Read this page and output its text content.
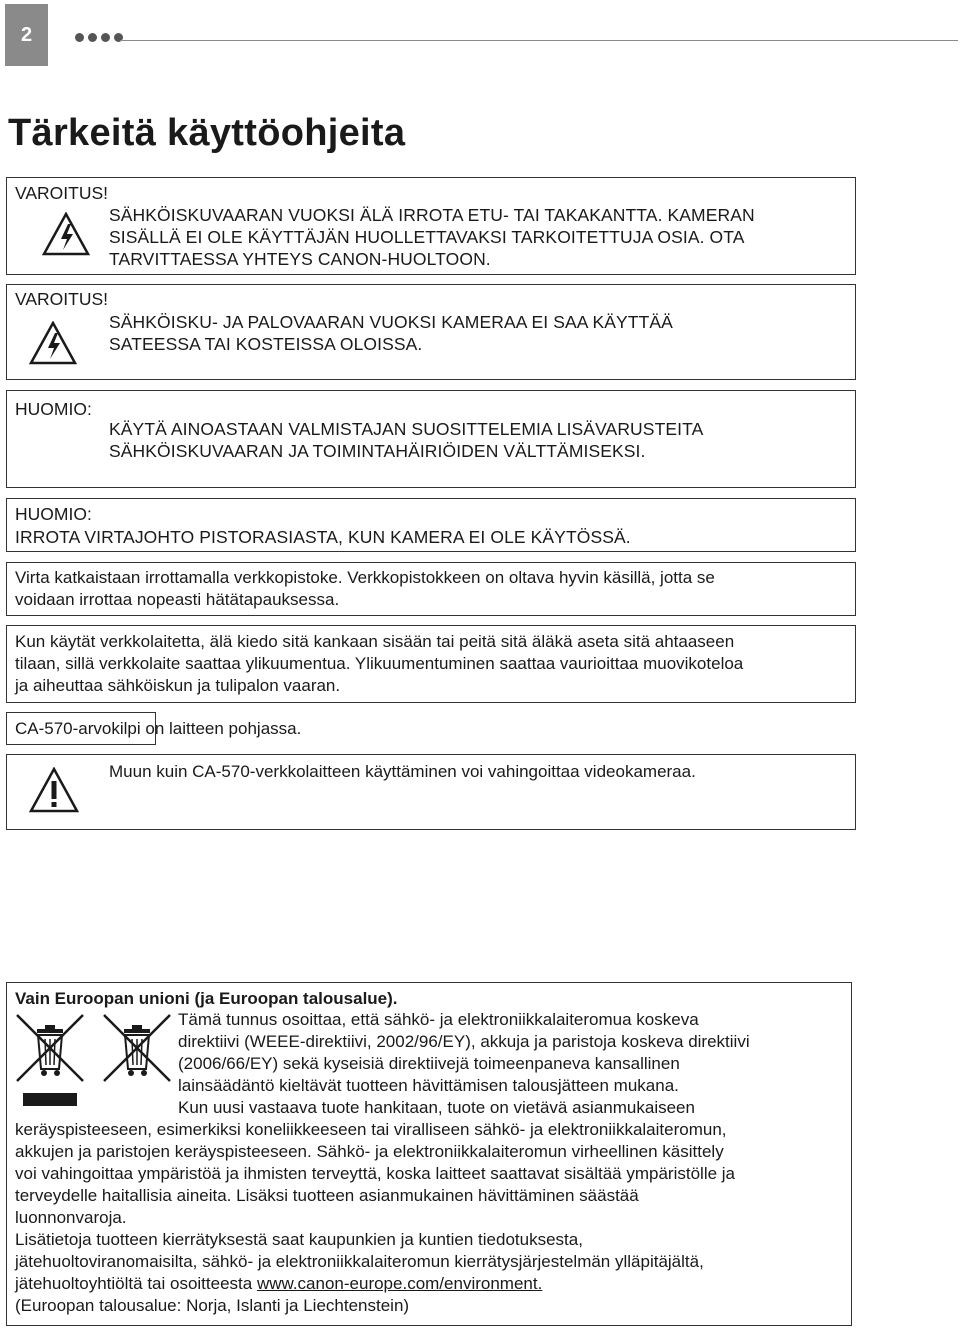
2
Tärkeitä käyttöohjeita
VAROITUS!
SÄHKÖISKUVAARAN VUOKSI ÄLÄ IRROTA ETU- TAI TAKAKANTTA. KAMERAN
SISÄLLÄ EI OLE KÄYTTÄJÄN HUOLLETTAVAKSI TARKOITETTUJA OSIA. OTA
TARVITTAESSA YHTEYS CANON-HUOLTOON.
VAROITUS!
SÄHKÖISKU- JA PALOVAARAN VUOKSI KAMERAA EI SAA KÄYTTÄÄ
SATEESSA TAI KOSTEISSA OLOISSA.
HUOMIO:
KÄYTÄ AINOASTAAN VALMISTAJAN SUOSITTELEMIA LISÄVARUSTEITA
SÄHKÖISKUVAARAN JA TOIMINTAHÄIRIÖIDEN VÄLTTÄMISEKSI.
HUOMIO:
IRROTA VIRTAJOHTO PISTORASIASTA, KUN KAMERA EI OLE KÄYTÖSSÄ.
Virta katkaistaan irrottamalla verkkopistoke. Verkkopistokkeen on oltava hyvin käsillä, jotta se
voidaan irrottaa nopeasti hätätapauksessa.
Kun käytät verkkolaitetta, älä kiedo sitä kankaan sisään tai peitä sitä äläkä aseta sitä ahtaaseen
tilaan, sillä verkkolaite saattaa ylikuumentua. Ylikuumentuminen saattaa vaurioittaa muovikoteloa
ja aiheuttaa sähköiskun ja tulipalon vaaran.
CA-570-arvokilpi on laitteen pohjassa.
Muun kuin CA-570-verkkolaitteen käyttäminen voi vahingoittaa videokameraa.
Vain Euroopan unioni (ja Euroopan talousalue).
Tämä tunnus osoittaa, että sähkö- ja elektroniikkalaiteromua koskeva
direktiivi (WEEE-direktiivi, 2002/96/EY), akkuja ja paristoja koskeva direktiivi
(2006/66/EY) sekä kyseisiä direktiivejä toimeenpaneva kansallinen
lainsäädäntö kieltävät tuotteen hävittämisen talousjätteen mukana.
Kun uusi vastaava tuote hankitaan, tuote on vietävä asianmukaiseen
keräyspisteeseen, esimerkiksi koneliikkeeseen tai viralliseen sähkö- ja elektroniikkalaiteromun,
akkujen ja paristojen keräyspisteeseen. Sähkö- ja elektroniikkalaiteromun virheellinen käsittely
voi vahingoittaa ympäristöä ja ihmisten terveyttä, koska laitteet saattavat sisältää ympäristölle ja
terveydelle haitallisia aineita. Lisäksi tuotteen asianmukainen hävittäminen säästää
luonnonvaroja.
Lisätietoja tuotteen kierrätyksestä saat kaupunkien ja kuntien tiedotuksesta,
jätehuoltoviranomaisilta, sähkö- ja elektroniikkalaiteromun kierrätysjärjestelmän ylläpitäjältä,
jätehuoltoyhtiöltä tai osoitteesta www.canon-europe.com/environment.
(Euroopan talousalue: Norja, Islanti ja Liechtenstein)
